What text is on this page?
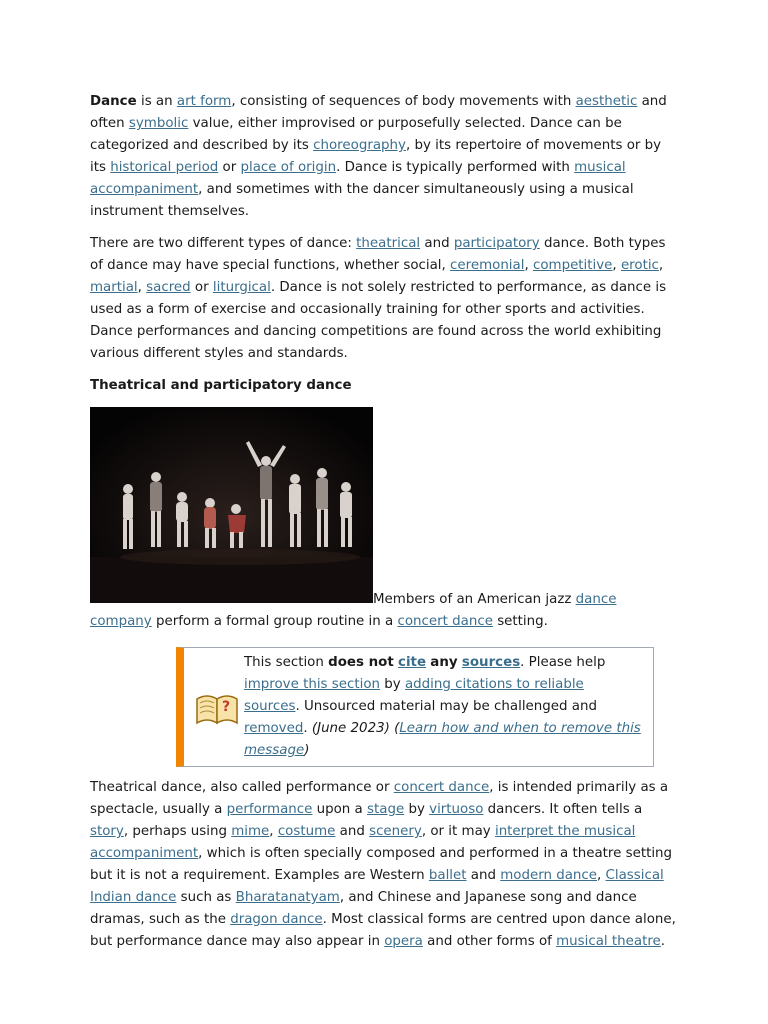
Dance is an art form, consisting of sequences of body movements with aesthetic and often symbolic value, either improvised or purposefully selected. Dance can be categorized and described by its choreography, by its repertoire of movements or by its historical period or place of origin. Dance is typically performed with musical accompaniment, and sometimes with the dancer simultaneously using a musical instrument themselves.

There are two different types of dance: theatrical and participatory dance. Both types of dance may have special functions, whether social, ceremonial, competitive, erotic, martial, sacred or liturgical. Dance is not solely restricted to performance, as dance is used as a form of exercise and occasionally training for other sports and activities. Dance performances and dancing competitions are found across the world exhibiting various different styles and standards.

Theatrical and participatory dance
Members of an American jazz dance company perform a formal group routine in a concert dance setting.
?
This section does not cite any sources. Please help improve this section by adding citations to reliable sources. Unsourced material may be challenged and removed. (June 2023) (Learn how and when to remove this message)

Theatrical dance, also called performance or concert dance, is intended primarily as a spectacle, usually a performance upon a stage by virtuoso dancers. It often tells a story, perhaps using mime, costume and scenery, or it may interpret the musical accompaniment, which is often specially composed and performed in a theatre setting but it is not a requirement. Examples are Western ballet and modern dance, Classical Indian dance such as Bharatanatyam, and Chinese and Japanese song and dance dramas, such as the dragon dance. Most classical forms are centred upon dance alone, but performance dance may also appear in opera and other forms of musical theatre.
